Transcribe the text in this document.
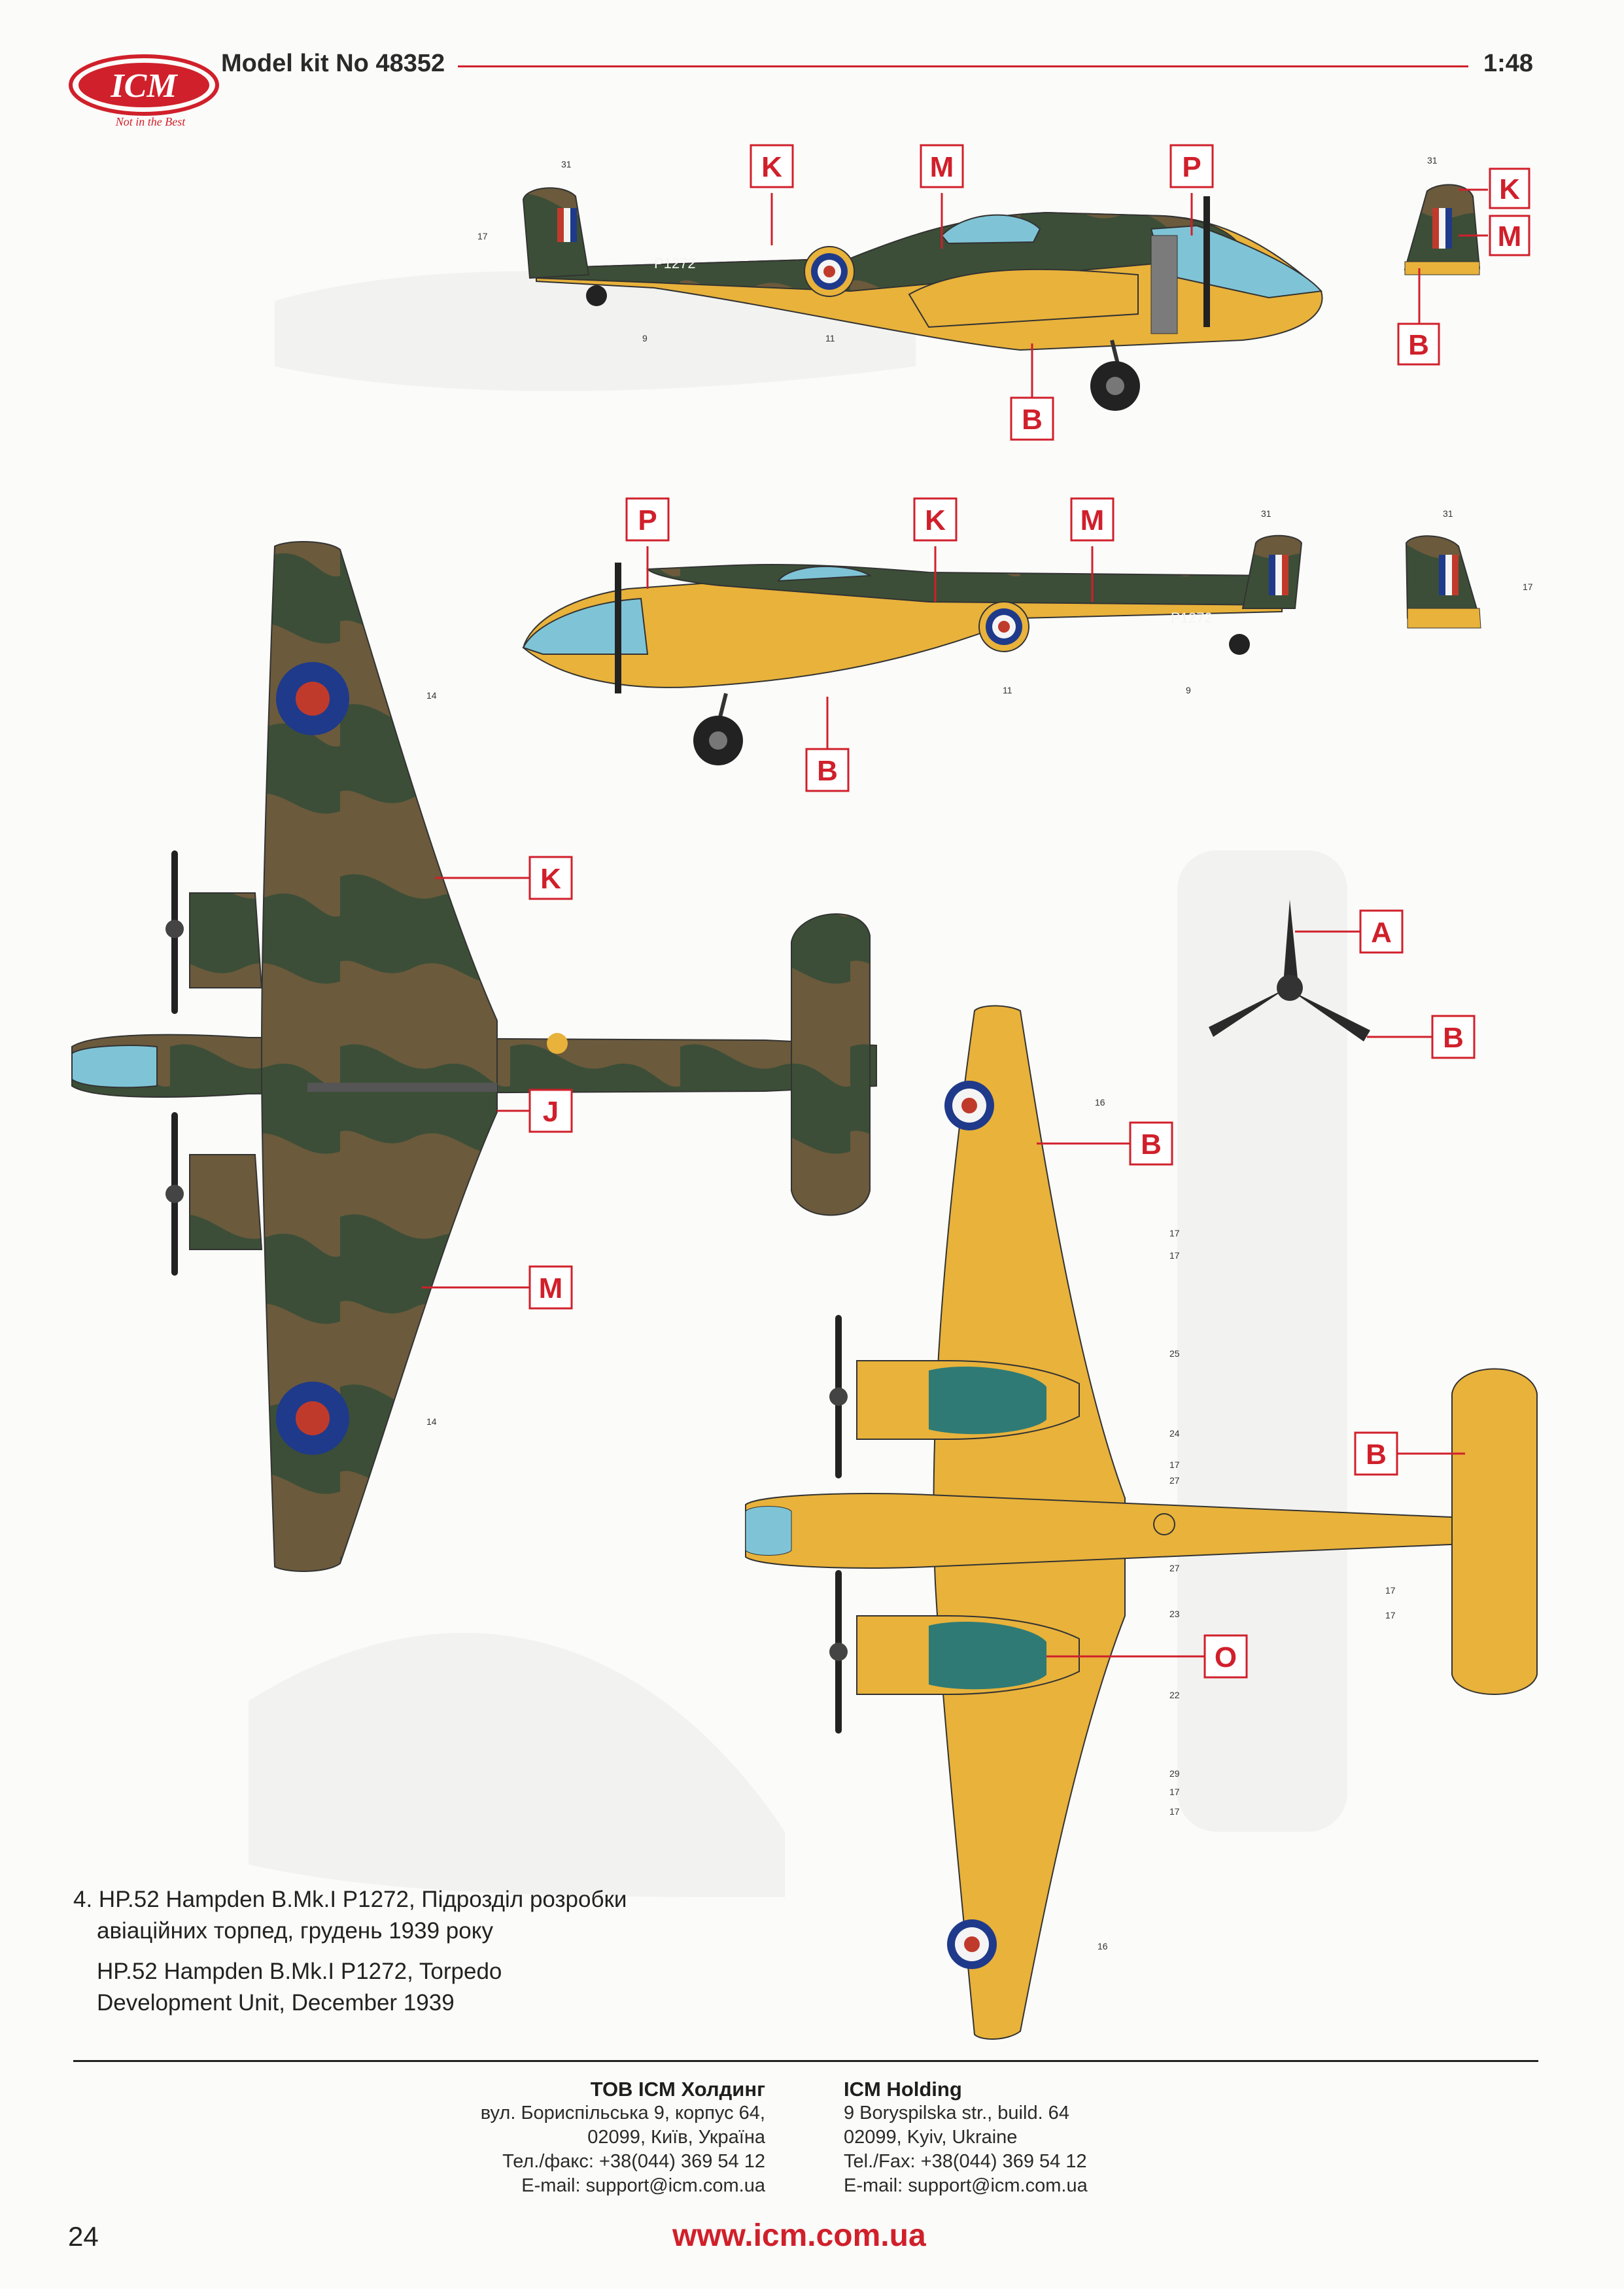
ICM
Not in the Best
Model kit No 48352	1:48
P1272
P1272
K	M	P
B
K
M
B
P	K	M
B
K
J
M
A
B
B
B
O
31
17
9	11
31
31	31
17
11	9
14
14
16
17
17
25
24
17
27
27
23
22
29
17
17
17
17
16
4. HP.52 Hampden B.Mk.I P1272, Підрозділ розробки
авіаційних торпед, грудень 1939 року
HP.52 Hampden B.Mk.I P1272, Torpedo
Development Unit, December 1939
ТОВ ICM Холдинг
вул. Бориспільська 9, корпус 64,
02099, Київ, Україна
Тел./факс: +38(044) 369 54 12
E-mail: support@icm.com.ua
ICM Holding
9 Boryspilska str., build. 64
02099, Kyiv, Ukraine
Tel./Fax: +38(044) 369 54 12
E-mail: support@icm.com.ua
24	www.icm.com.ua
